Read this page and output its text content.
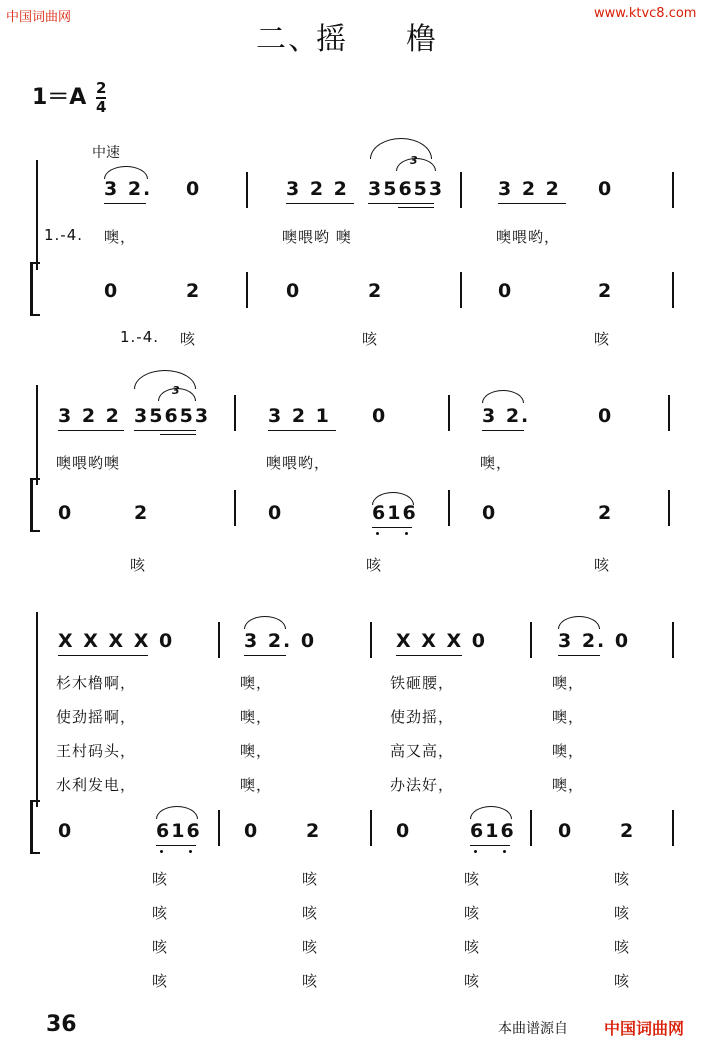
中国词曲网	www.ktvc8.com
二、
摇 橹
$1=A \frac{2}{4}$
中速	3
3 2. 0	3 2 2 35653	3 2 2 0
1.-4. 噢，	噢喂哟 噢	噢喂哟，
0	2	0	2	0	2
1.-4. 咳	咳	咳
3
3 2 2 35653	3 2 1 0	3 2.	0
噢喂哟噢	噢喂哟，	噢，
0	2	0	616	0	2
咳	咳	咳
X X X X 0	3 2. 0	X X X 0	3 2. 0
杉木橹啊，	噢，	铁砸腰，	噢，
使劲摇啊，	噢，	使劲摇，	噢，
王村码头，	噢，	高又高，	噢，
水利发电，	噢，	办法好，	噢，
0	616 0 2	0	616 0 2
咳	咳	咳	咳
咳	咳	咳	咳
咳	咳	咳	咳
咳	咳	咳	咳
36	本曲谱源自 中国词曲网
